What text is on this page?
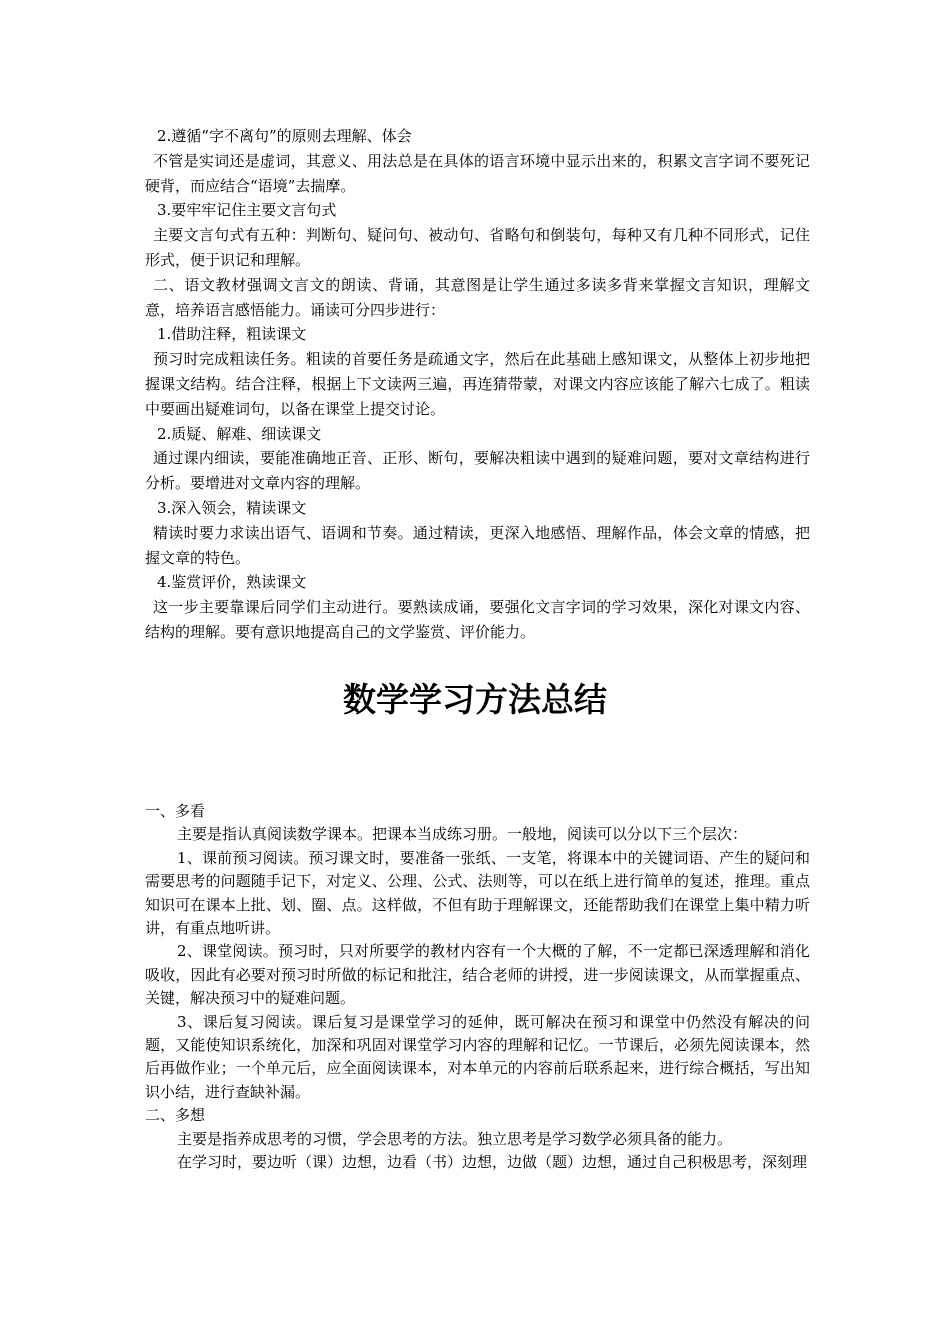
2.遵循“字不离句”的原则去理解、体会

不管是实词还是虚词，其意义、用法总是在具体的语言环境中显示出来的，积累文言字词不要死记硬背，而应结合“语境”去揣摩。

3.要牢牢记住主要文言句式

主要文言句式有五种：判断句、疑问句、被动句、省略句和倒装句，每种又有几种不同形式，记住形式，便于识记和理解。

二、语文教材强调文言文的朗读、背诵，其意图是让学生通过多读多背来掌握文言知识，理解文意，培养语言感悟能力。诵读可分四步进行：

1.借助注释，粗读课文

预习时完成粗读任务。粗读的首要任务是疏通文字，然后在此基础上感知课文，从整体上初步地把握课文结构。结合注释，根据上下文读两三遍，再连猜带蒙，对课文内容应该能了解六七成了。粗读中要画出疑难词句，以备在课堂上提交讨论。

2.质疑、解难、细读课文

通过课内细读，要能准确地正音、正形、断句，要解决粗读中遇到的疑难问题，要对文章结构进行分析。要增进对文章内容的理解。

3.深入领会，精读课文

精读时要力求读出语气、语调和节奏。通过精读，更深入地感悟、理解作品，体会文章的情感，把握文章的特色。

4.鉴赏评价，熟读课文

这一步主要靠课后同学们主动进行。要熟读成诵，要强化文言字词的学习效果，深化对课文内容、结构的理解。要有意识地提高自己的文学鉴赏、评价能力。

数学学习方法总结

一、多看

主要是指认真阅读数学课本。把课本当成练习册。一般地，阅读可以分以下三个层次：

1、课前预习阅读。预习课文时，要准备一张纸、一支笔，将课本中的关键词语、产生的疑问和需要思考的问题随手记下，对定义、公理、公式、法则等，可以在纸上进行简单的复述，推理。重点知识可在课本上批、划、圈、点。这样做，不但有助于理解课文，还能帮助我们在课堂上集中精力听讲，有重点地听讲。

2、课堂阅读。预习时，只对所要学的教材内容有一个大概的了解，不一定都已深透理解和消化吸收，因此有必要对预习时所做的标记和批注，结合老师的讲授，进一步阅读课文，从而掌握重点、关键，解决预习中的疑难问题。

3、课后复习阅读。课后复习是课堂学习的延伸，既可解决在预习和课堂中仍然没有解决的问题，又能使知识系统化，加深和巩固对课堂学习内容的理解和记忆。一节课后，必须先阅读课本，然后再做作业；一个单元后，应全面阅读课本，对本单元的内容前后联系起来，进行综合概括，写出知识小结，进行查缺补漏。

二、多想

主要是指养成思考的习惯，学会思考的方法。独立思考是学习数学必须具备的能力。

在学习时，要边听（课）边想，边看（书）边想，边做（题）边想，通过自己积极思考，深刻理
